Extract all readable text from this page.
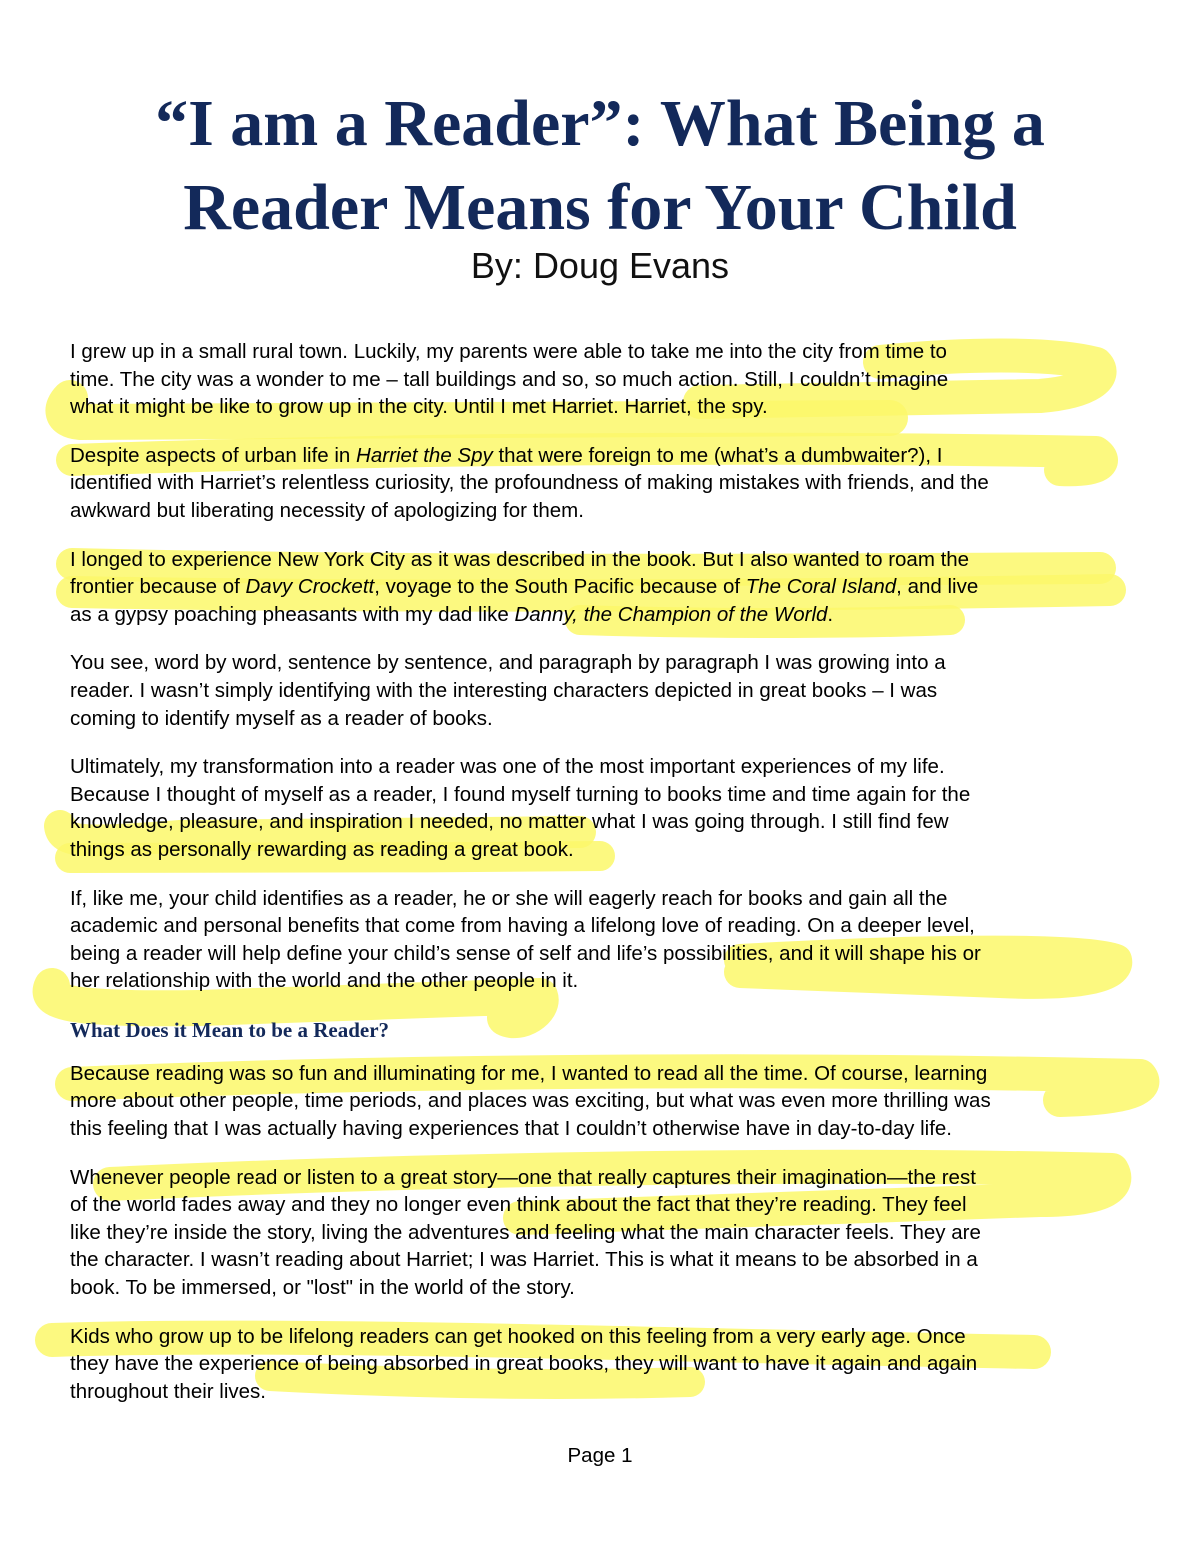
“I am a Reader”: What Being a
Reader Means for Your Child
By: Doug Evans

I grew up in a small rural town. Luckily, my parents were able to take me into the city from time to
time. The city was a wonder to me – tall buildings and so, so much action. Still, I couldn’t imagine
what it might be like to grow up in the city. Until I met Harriet. Harriet, the spy.

Despite aspects of urban life in Harriet the Spy that were foreign to me (what’s a dumbwaiter?), I
identified with Harriet’s relentless curiosity, the profoundness of making mistakes with friends, and the
awkward but liberating necessity of apologizing for them.

I longed to experience New York City as it was described in the book. But I also wanted to roam the
frontier because of Davy Crockett, voyage to the South Pacific because of The Coral Island, and live
as a gypsy poaching pheasants with my dad like Danny, the Champion of the World.

You see, word by word, sentence by sentence, and paragraph by paragraph I was growing into a
reader. I wasn’t simply identifying with the interesting characters depicted in great books – I was
coming to identify myself as a reader of books.

Ultimately, my transformation into a reader was one of the most important experiences of my life.
Because I thought of myself as a reader, I found myself turning to books time and time again for the
knowledge, pleasure, and inspiration I needed, no matter what I was going through. I still find few
things as personally rewarding as reading a great book.

If, like me, your child identifies as a reader, he or she will eagerly reach for books and gain all the
academic and personal benefits that come from having a lifelong love of reading. On a deeper level,
being a reader will help define your child’s sense of self and life’s possibilities, and it will shape his or
her relationship with the world and the other people in it.

What Does it Mean to be a Reader?

Because reading was so fun and illuminating for me, I wanted to read all the time. Of course, learning
more about other people, time periods, and places was exciting, but what was even more thrilling was
this feeling that I was actually having experiences that I couldn’t otherwise have in day-to-day life.

Whenever people read or listen to a great story—one that really captures their imagination—the rest
of the world fades away and they no longer even think about the fact that they’re reading. They feel
like they’re inside the story, living the adventures and feeling what the main character feels. They are
the character. I wasn’t reading about Harriet; I was Harriet. This is what it means to be absorbed in a
book. To be immersed, or "lost" in the world of the story.

Kids who grow up to be lifelong readers can get hooked on this feeling from a very early age. Once
they have the experience of being absorbed in great books, they will want to have it again and again
throughout their lives.

Page 1
